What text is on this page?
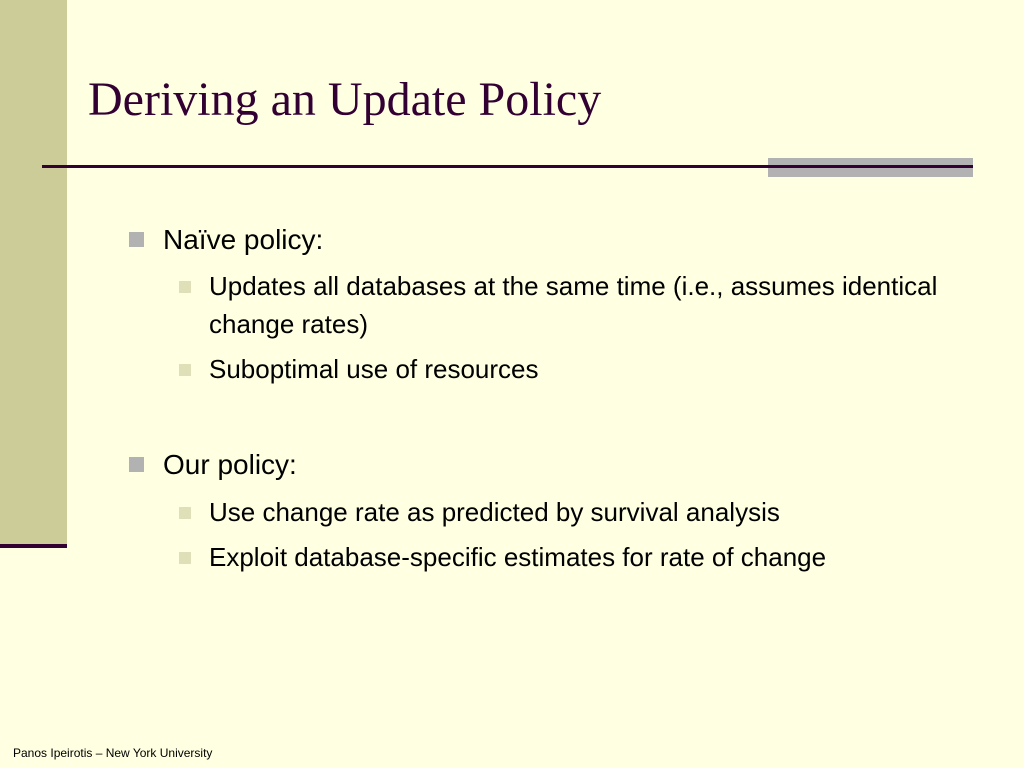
Deriving an Update Policy
Naïve policy:
Updates all databases at the same time (i.e., assumes identical change rates)
Suboptimal use of resources
Our policy:
Use change rate as predicted by survival analysis
Exploit database-specific estimates for rate of change
Panos Ipeirotis – New York University
